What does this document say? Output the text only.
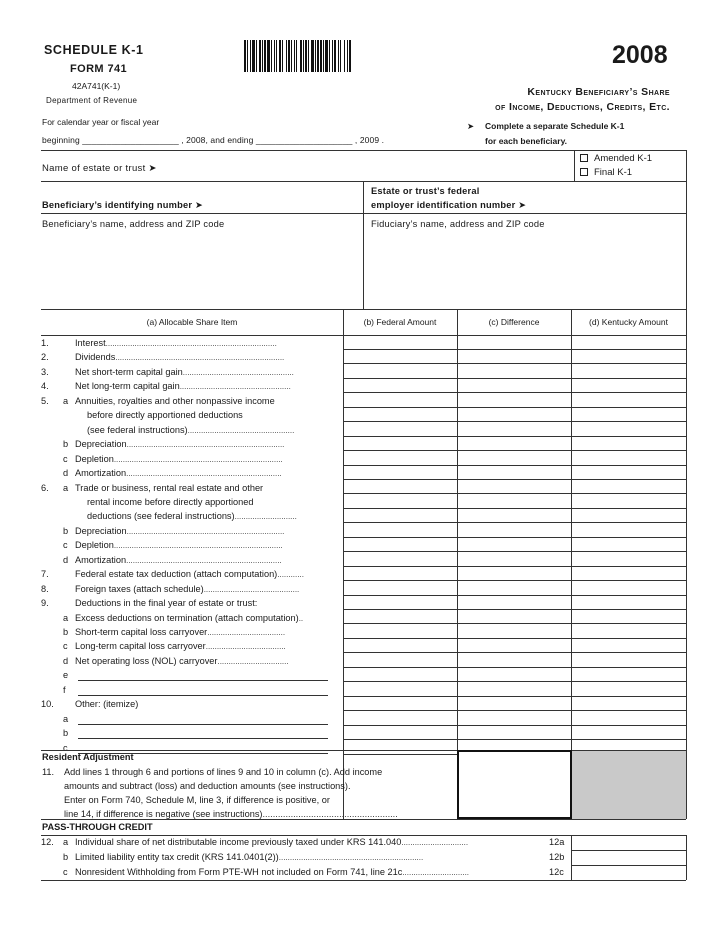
SCHEDULE K-1
FORM 741
42A741(K-1)
Department of Revenue
2008
Kentucky Beneficiary’s Share
of Income, Deductions, Credits, Etc.
➤ Complete a separate Schedule K-1
for each beneficiary.
For calendar year or fiscal year
beginning ____________________ , 2008, and ending ____________________ , 2009 .
Name of estate or trust ➤
Amended K-1
Final K-1
Beneficiary’s identifying number ➤
Estate or trust’s federal
employer identification number ➤
Beneficiary’s name, address and ZIP code	Fiduciary’s name, address and ZIP code
(a) Allocable Share Item	(b) Federal Amount	(c) Difference	(d) Kentucky Amount
1.	Interest.............................................................................
2.	Dividends............................................................................
3.	Net short-term capital gain..................................................
4.	Net long-term capital gain..................................................
5. a Annuities, royalties and other nonpassive income
before directly apportioned deductions
(see federal instructions)................................................
b Depreciation.......................................................................
c Depletion............................................................................
d Amortization......................................................................
6. a Trade or business, rental real estate and other
rental income before directly apportioned
deductions (see federal instructions)............................
b Depreciation.......................................................................
c Depletion............................................................................
d Amortization......................................................................
7.	Federal estate tax deduction (attach computation)............
8.	Foreign taxes (attach schedule)...........................................
9.	Deductions in the final year of estate or trust:
a Excess deductions on termination (attach computation)..
b Short-term capital loss carryover...................................
c Long-term capital loss carryover....................................
d Net operating loss (NOL) carryover................................
e
f
10. Other: (itemize)
a
b
c
Resident Adjustment
11. Add lines 1 through 6 and portions of lines 9 and 10 in column (c). Add income
amounts and subtract (loss) and deduction amounts (see instructions).
Enter on Form 740, Schedule M, line 3, if difference is positive, or
line 14, if difference is negative (see instructions).....................................................
PASS-THROUGH CREDIT
12. a Individual share of net distributable income previously taxed under KRS 141.040..............................	12a
b Limited liability entity tax credit (KRS 141.0401(2)).................................................................	12b
c Nonresident Withholding from Form PTE-WH not included on Form 741, line 21c..............................	12c
